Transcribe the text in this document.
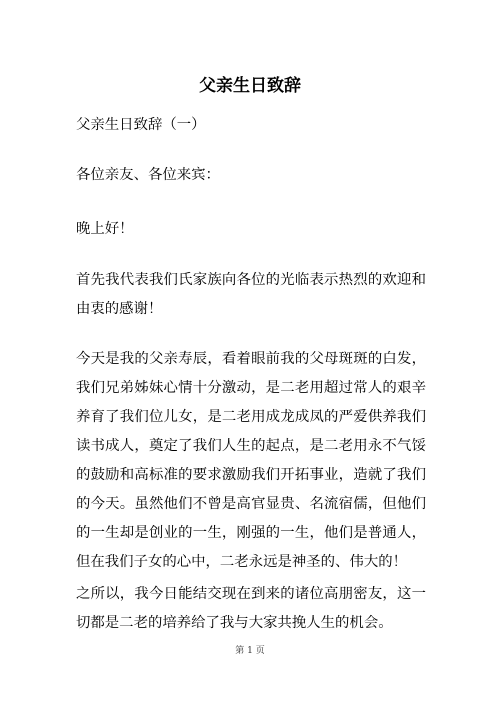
父亲生日致辞

父亲生日致辞（一）

各位亲友、各位来宾：

晚上好！

首先我代表我们氏家族向各位的光临表示热烈的欢迎和由衷的感谢！

今天是我的父亲寿辰，看着眼前我的父母斑斑的白发，我们兄弟姊妹心情十分激动，是二老用超过常人的艰辛养育了我们位儿女，是二老用成龙成凤的严爱供养我们读书成人，奠定了我们人生的起点，是二老用永不气馁的鼓励和高标准的要求激励我们开拓事业，造就了我们的今天。虽然他们不曾是高官显贵、名流宿儒，但他们的一生却是创业的一生，刚强的一生，他们是普通人，但在我们子女的心中，二老永远是神圣的、伟大的！

之所以，我今日能结交现在到来的诸位高朋密友，这一切都是二老的培养给了我与大家共挽人生的机会。

第 1 页
